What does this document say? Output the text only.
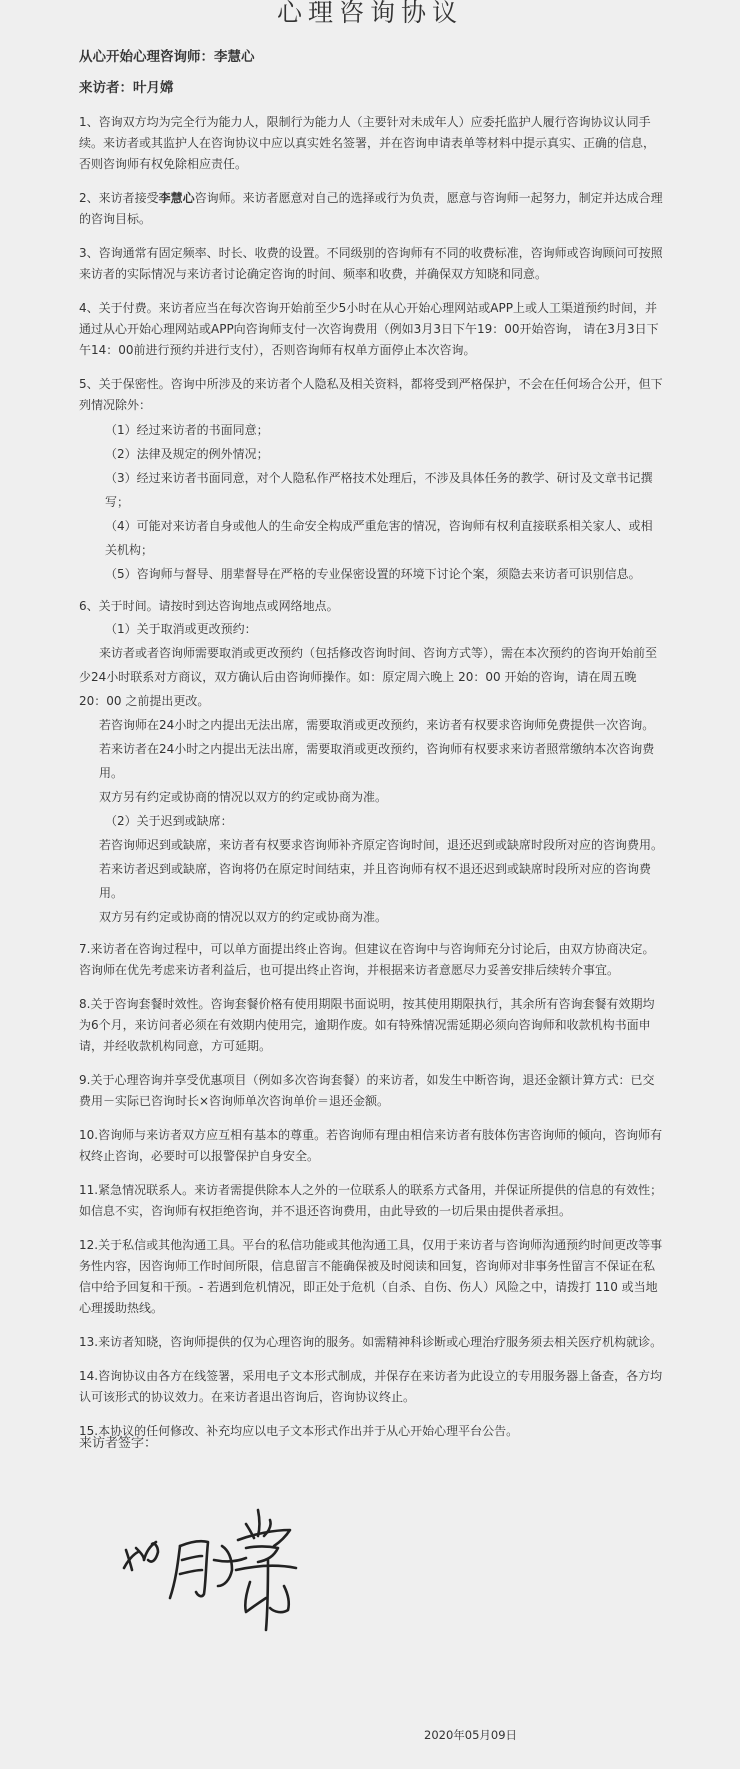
心理咨询协议

从心开始心理咨询师：李慧心

来访者：叶月嫦

1、咨询双方均为完全行为能力人，限制行为能力人（主要针对未成年人）应委托监护人履行咨询协议认同手续。来访者或其监护人在咨询协议中应以真实姓名签署，并在咨询申请表单等材料中提示真实、正确的信息，否则咨询师有权免除相应责任。

2、来访者接受李慧心咨询师。来访者愿意对自己的选择或行为负责，愿意与咨询师一起努力，制定并达成合理的咨询目标。

3、咨询通常有固定频率、时长、收费的设置。不同级别的咨询师有不同的收费标准，咨询师或咨询顾问可按照来访者的实际情况与来访者讨论确定咨询的时间、频率和收费，并确保双方知晓和同意。

4、关于付费。来访者应当在每次咨询开始前至少5小时在从心开始心理网站或APP上或人工渠道预约时间，并通过从心开始心理网站或APP向咨询师支付一次咨询费用（例如3月3日下午19：00开始咨询， 请在3月3日下午14：00前进行预约并进行支付），否则咨询师有权单方面停止本次咨询。

5、关于保密性。咨询中所涉及的来访者个人隐私及相关资料，都将受到严格保护，不会在任何场合公开，但下列情况除外：

（1）经过来访者的书面同意；

（2）法律及规定的例外情况；

（3）经过来访者书面同意，对个人隐私作严格技术处理后，不涉及具体任务的教学、研讨及文章书记撰写；

（4）可能对来访者自身或他人的生命安全构成严重危害的情况，咨询师有权利直接联系相关家人、或相关机构；

（5）咨询师与督导、朋辈督导在严格的专业保密设置的环境下讨论个案，须隐去来访者可识别信息。

6、关于时间。请按时到达咨询地点或网络地点。

（1）关于取消或更改预约：

来访者或者咨询师需要取消或更改预约（包括修改咨询时间、咨询方式等），需在本次预约的咨询开始前至少24小时联系对方商议，双方确认后由咨询师操作。如：原定周六晚上 20：00 开始的咨询，请在周五晚 20：00 之前提出更改。

若咨询师在24小时之内提出无法出席，需要取消或更改预约，来访者有权要求咨询师免费提供一次咨询。

若来访者在24小时之内提出无法出席，需要取消或更改预约，咨询师有权要求来访者照常缴纳本次咨询费用。

双方另有约定或协商的情况以双方的约定或协商为准。

（2）关于迟到或缺席：

若咨询师迟到或缺席，来访者有权要求咨询师补齐原定咨询时间，退还迟到或缺席时段所对应的咨询费用。

若来访者迟到或缺席，咨询将仍在原定时间结束，并且咨询师有权不退还迟到或缺席时段所对应的咨询费用。

双方另有约定或协商的情况以双方的约定或协商为准。

7.来访者在咨询过程中，可以单方面提出终止咨询。但建议在咨询中与咨询师充分讨论后，由双方协商决定。咨询师在优先考虑来访者利益后，也可提出终止咨询，并根据来访者意愿尽力妥善安排后续转介事宜。

8.关于咨询套餐时效性。咨询套餐价格有使用期限书面说明，按其使用期限执行，其余所有咨询套餐有效期均为6个月，来访问者必须在有效期内使用完，逾期作废。如有特殊情况需延期必须向咨询师和收款机构书面申请，并经收款机构同意，方可延期。

9.关于心理咨询并享受优惠项目（例如多次咨询套餐）的来访者，如发生中断咨询，退还金额计算方式：已交费用－实际已咨询时长×咨询师单次咨询单价＝退还金额。

10.咨询师与来访者双方应互相有基本的尊重。若咨询师有理由相信来访者有肢体伤害咨询师的倾向，咨询师有权终止咨询，必要时可以报警保护自身安全。

11.紧急情况联系人。来访者需提供除本人之外的一位联系人的联系方式备用，并保证所提供的信息的有效性；如信息不实，咨询师有权拒绝咨询，并不退还咨询费用，由此导致的一切后果由提供者承担。

12.关于私信或其他沟通工具。平台的私信功能或其他沟通工具，仅用于来访者与咨询师沟通预约时间更改等事务性内容，因咨询师工作时间所限，信息留言不能确保被及时阅读和回复，咨询师对非事务性留言不保证在私信中给予回复和干预。- 若遇到危机情况，即正处于危机（自杀、自伤、伤人）风险之中，请拨打 110 或当地心理援助热线。

13.来访者知晓，咨询师提供的仅为心理咨询的服务。如需精神科诊断或心理治疗服务须去相关医疗机构就诊。

14.咨询协议由各方在线签署，采用电子文本形式制成，并保存在来访者为此设立的专用服务器上备查，各方均认可该形式的协议效力。在来访者退出咨询后，咨询协议终止。

15.本协议的任何修改、补充均应以电子文本形式作出并于从心开始心理平台公告。

来访者签字：
2020年05月09日
